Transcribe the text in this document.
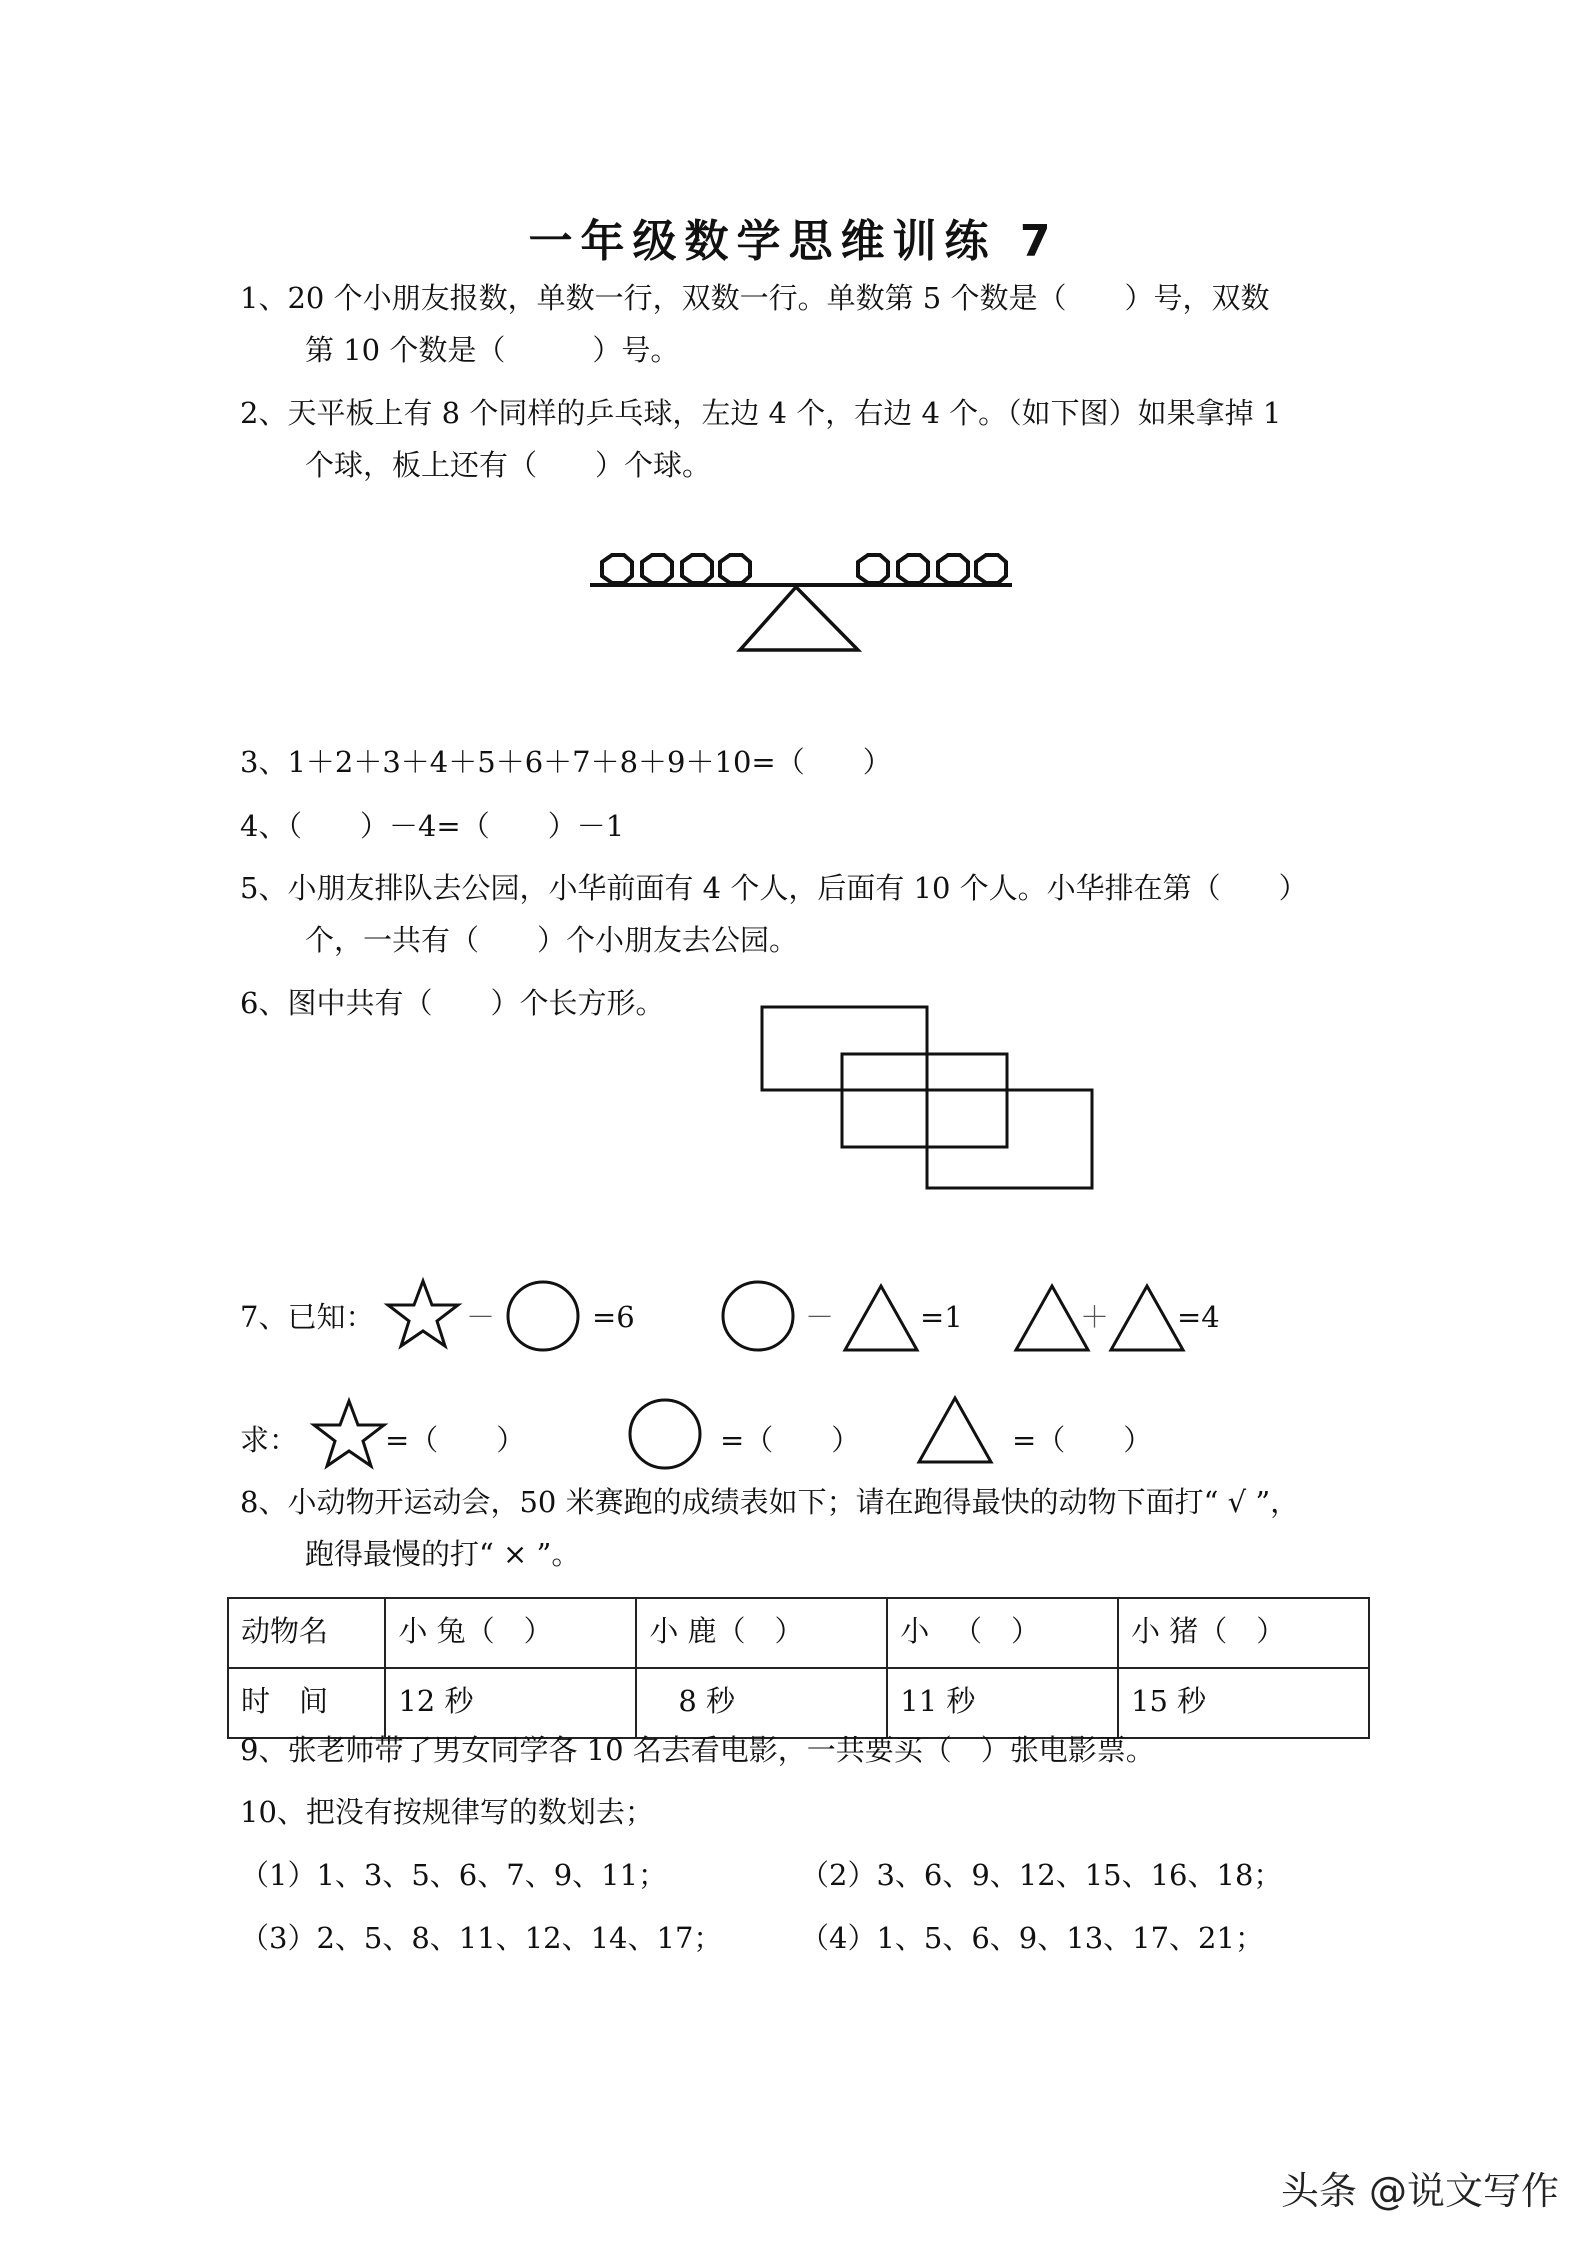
一年级数学思维训练 7
1、20 个小朋友报数，单数一行，双数一行。单数第 5 个数是（　　）号，双数
第 10 个数是（　　　）号。
2、天平板上有 8 个同样的乒乓球，左边 4 个，右边 4 个。（如下图）如果拿掉 1
个球，板上还有（　　）个球。
3、1＋2＋3＋4＋5＋6＋7＋8＋9＋10=（　　）
4、（　　）－4=（　　）－1
5、小朋友排队去公园，小华前面有 4 个人，后面有 10 个人。小华排在第（　　）
个，一共有（　　）个小朋友去公园。
6、图中共有（　　）个长方形。
7、已知：	－	=6	－	=1	＋ =4
求：	=（　　）	=（　　）	=（　　）
8、小动物开运动会，50 米赛跑的成绩表如下；请在跑得最快的动物下面打“ √ ”，
跑得最慢的打“ × ”。
动物名	小 兔（　）	小 鹿（　）	小 　（　）	小 猪（　）
时　间	12 秒	　8 秒	11 秒	15 秒
9、张老师带了男女同学各 10 名去看电影，一共要买（　）张电影票。
10、把没有按规律写的数划去；
（1）1、3、5、6、7、9、11；	（2）3、6、9、12、15、16、18；
（3）2、5、8、11、12、14、17；	（4）1、5、6、9、13、17、21；
头条 @说文写作
